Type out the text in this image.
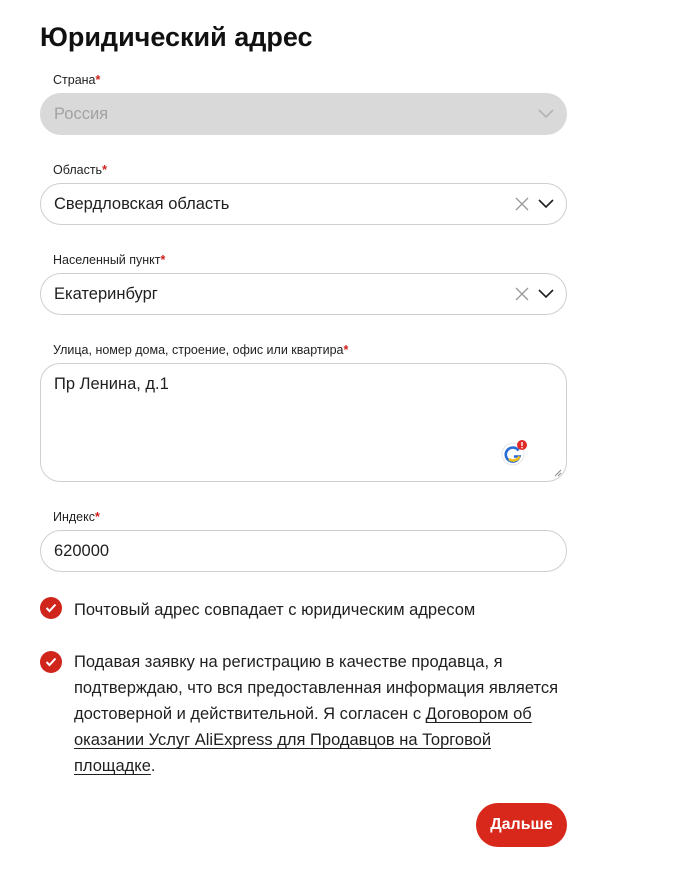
Юридический адрес
Страна*
Россия
Область*
Свердловская область
Населенный пункт*
Екатеринбург
Улица, номер дома, строение, офис или квартира*
Пр Ленина, д.1
Индекс*
620000
Почтовый адрес совпадает с юридическим адресом
Подавая заявку на регистрацию в качестве продавца, я подтверждаю, что вся предоставленная информация является достоверной и действительной. Я согласен с Договором об оказании Услуг AliExpress для Продавцов на Торговой площадке.
Дальше
